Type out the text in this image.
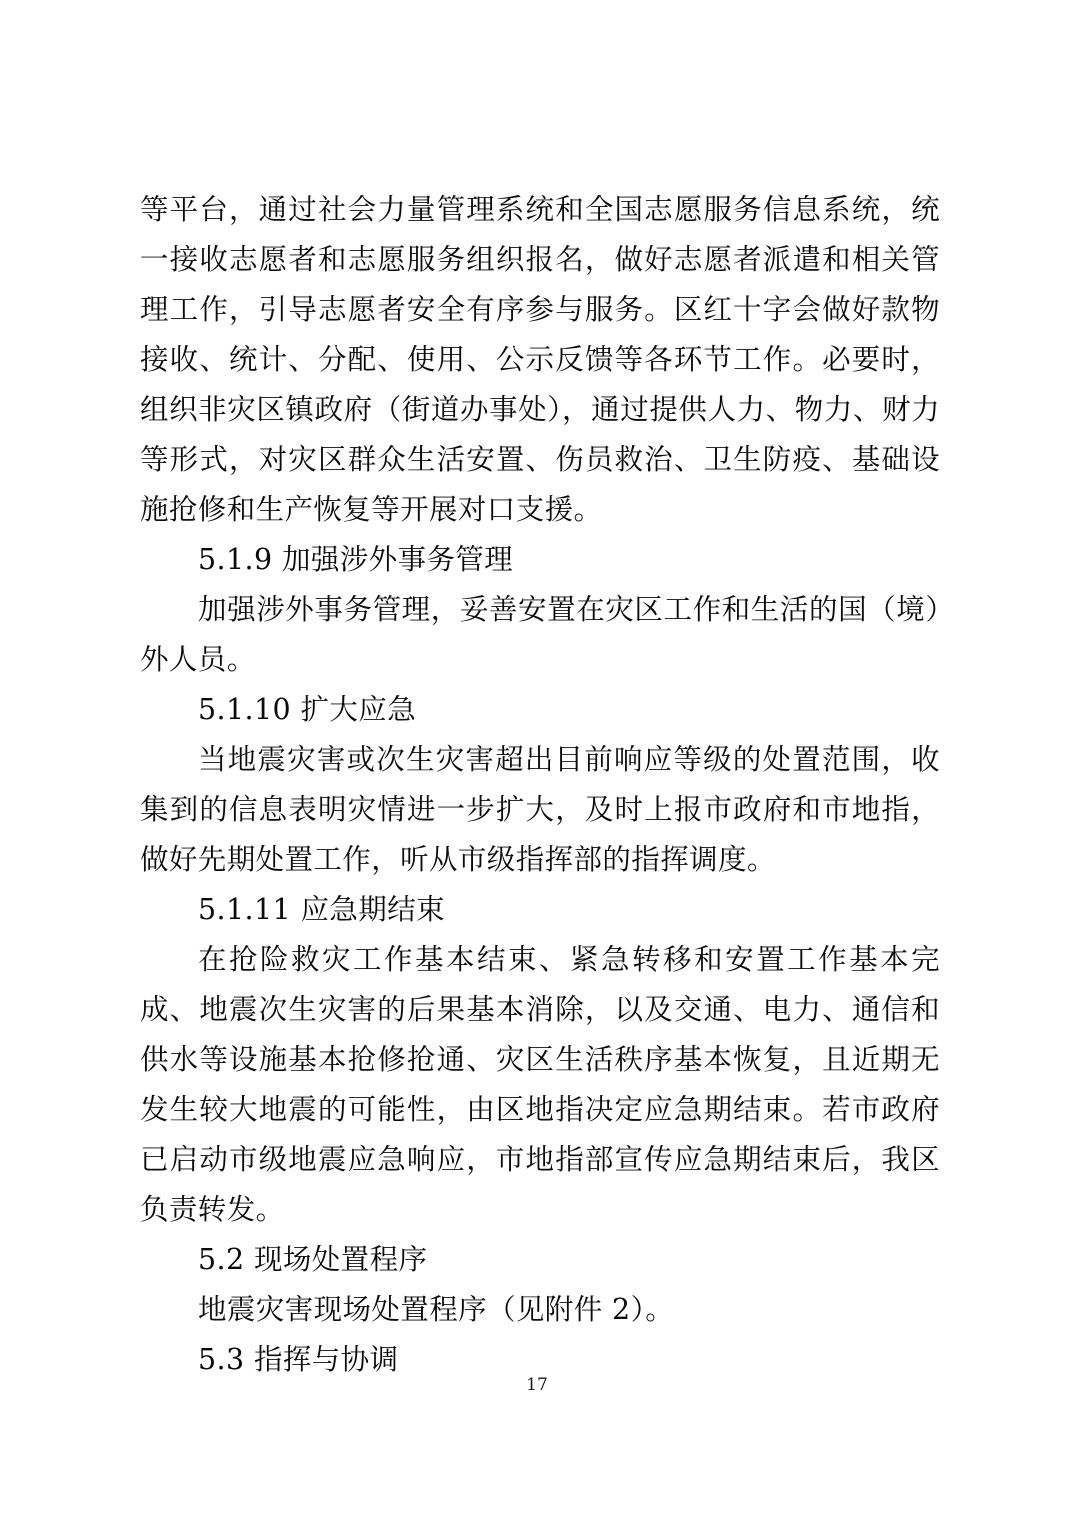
等平台，通过社会力量管理系统和全国志愿服务信息系统，统一接收志愿者和志愿服务组织报名，做好志愿者派遣和相关管理工作，引导志愿者安全有序参与服务。区红十字会做好款物接收、统计、分配、使用、公示反馈等各环节工作。必要时，组织非灾区镇政府（街道办事处），通过提供人力、物力、财力等形式，对灾区群众生活安置、伤员救治、卫生防疫、基础设施抢修和生产恢复等开展对口支援。

5.1.9 加强涉外事务管理

加强涉外事务管理，妥善安置在灾区工作和生活的国（境）外人员。

5.1.10 扩大应急

当地震灾害或次生灾害超出目前响应等级的处置范围，收集到的信息表明灾情进一步扩大，及时上报市政府和市地指，做好先期处置工作，听从市级指挥部的指挥调度。

5.1.11 应急期结束

在抢险救灾工作基本结束、紧急转移和安置工作基本完成、地震次生灾害的后果基本消除，以及交通、电力、通信和供水等设施基本抢修抢通、灾区生活秩序基本恢复，且近期无发生较大地震的可能性，由区地指决定应急期结束。若市政府已启动市级地震应急响应，市地指部宣传应急期结束后，我区负责转发。

5.2 现场处置程序

地震灾害现场处置程序（见附件 2）。

5.3 指挥与协调

17
